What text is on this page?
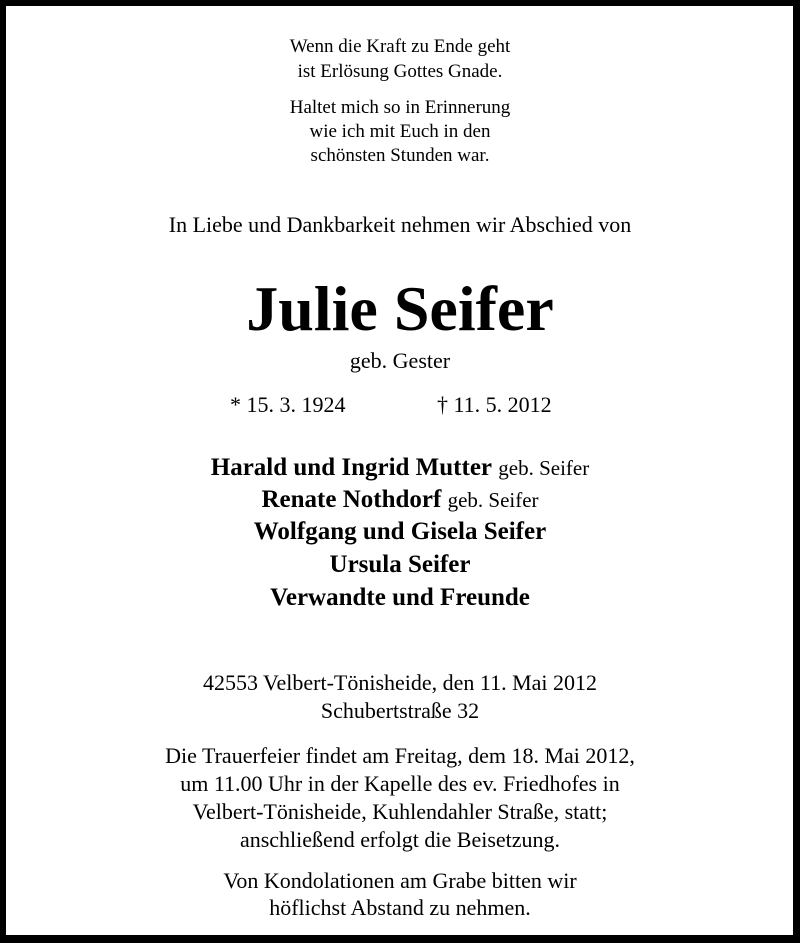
Wenn die Kraft zu Ende geht
ist Erlösung Gottes Gnade.
Haltet mich so in Erinnerung
wie ich mit Euch in den
schönsten Stunden war.
In Liebe und Dankbarkeit nehmen wir Abschied von
Julie Seifer
geb. Gester
* 15. 3. 1924	† 11. 5. 2012
Harald und Ingrid Mutter geb. Seifer
Renate Nothdorf geb. Seifer
Wolfgang und Gisela Seifer
Ursula Seifer
Verwandte und Freunde
42553 Velbert-Tönisheide, den 11. Mai 2012
Schubertstraße 32
Die Trauerfeier findet am Freitag, dem 18. Mai 2012,
um 11.00 Uhr in der Kapelle des ev. Friedhofes in
Velbert-Tönisheide, Kuhlendahler Straße, statt;
anschließend erfolgt die Beisetzung.
Von Kondolationen am Grabe bitten wir
höflichst Abstand zu nehmen.
